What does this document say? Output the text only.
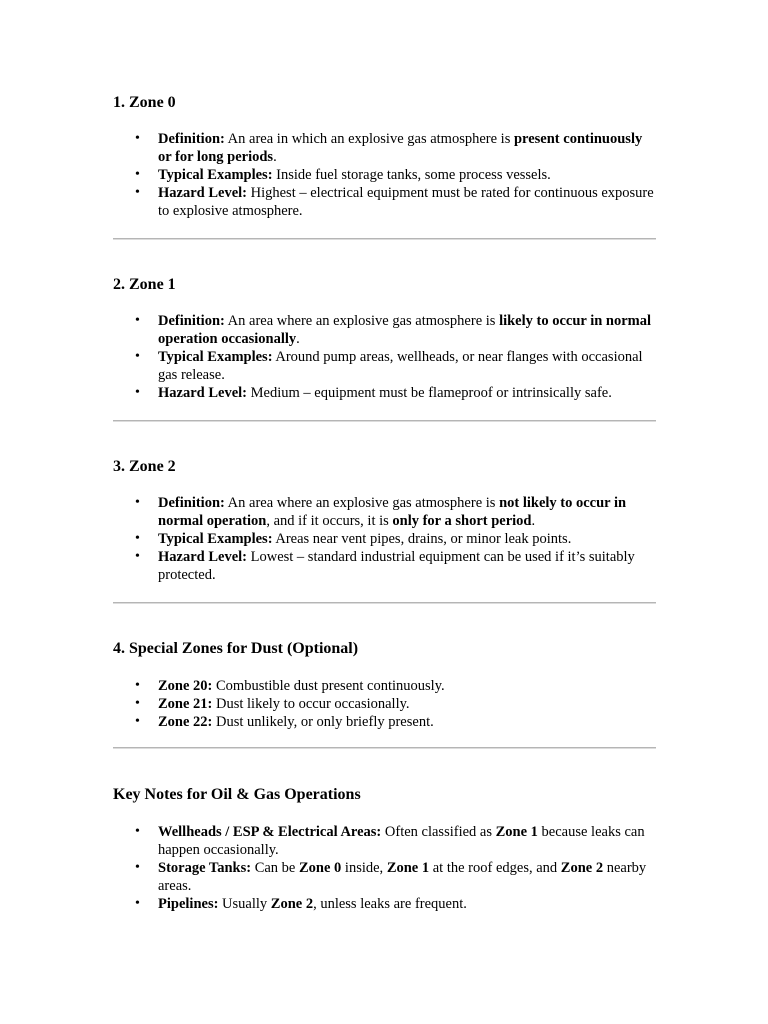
1. Zone 0
• Definition: An area in which an explosive gas atmosphere is present continuously or for long periods.
• Typical Examples: Inside fuel storage tanks, some process vessels.
• Hazard Level: Highest – electrical equipment must be rated for continuous exposure to explosive atmosphere.
2. Zone 1
• Definition: An area where an explosive gas atmosphere is likely to occur in normal operation occasionally.
• Typical Examples: Around pump areas, wellheads, or near flanges with occasional gas release.
• Hazard Level: Medium – equipment must be flameproof or intrinsically safe.
3. Zone 2
• Definition: An area where an explosive gas atmosphere is not likely to occur in normal operation, and if it occurs, it is only for a short period.
• Typical Examples: Areas near vent pipes, drains, or minor leak points.
• Hazard Level: Lowest – standard industrial equipment can be used if it’s suitably protected.
4. Special Zones for Dust (Optional)
• Zone 20: Combustible dust present continuously.
• Zone 21: Dust likely to occur occasionally.
• Zone 22: Dust unlikely, or only briefly present.
Key Notes for Oil & Gas Operations
• Wellheads / ESP & Electrical Areas: Often classified as Zone 1 because leaks can happen occasionally.
• Storage Tanks: Can be Zone 0 inside, Zone 1 at the roof edges, and Zone 2 nearby areas.
• Pipelines: Usually Zone 2, unless leaks are frequent.
